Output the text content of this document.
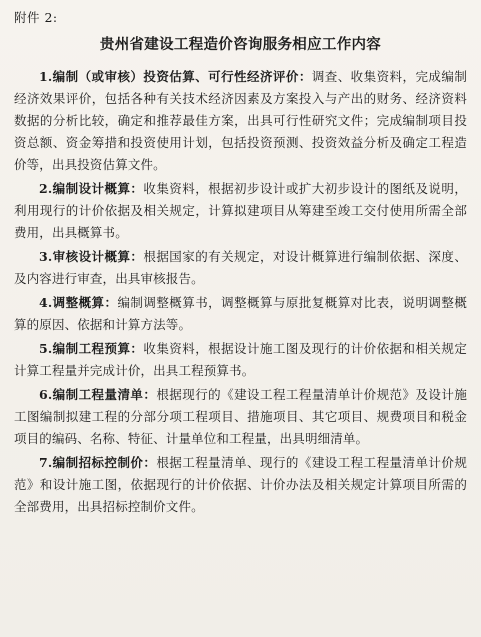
附件 2:
贵州省建设工程造价咨询服务相应工作内容

1.编制（或审核）投资估算、可行性经济评价：调查、收集资料，完成编制经济效果评价，包括各种有关技术经济因素及方案投入与产出的财务、经济资料数据的分析比较，确定和推荐最佳方案，出具可行性研究文件；完成编制项目投资总额、资金筹措和投资使用计划，包括投资预测、投资效益分析及确定工程造价等，出具投资估算文件。

2.编制设计概算：收集资料，根据初步设计或扩大初步设计的图纸及说明，利用现行的计价依据及相关规定，计算拟建项目从筹建至竣工交付使用所需全部费用，出具概算书。

3.审核设计概算：根据国家的有关规定，对设计概算进行编制依据、深度、及内容进行审查，出具审核报告。

4.调整概算：编制调整概算书，调整概算与原批复概算对比表，说明调整概算的原因、依据和计算方法等。

5.编制工程预算：收集资料，根据设计施工图及现行的计价依据和相关规定计算工程量并完成计价，出具工程预算书。

6.编制工程量清单：根据现行的《建设工程工程量清单计价规范》及设计施工图编制拟建工程的分部分项工程项目、措施项目、其它项目、规费项目和税金项目的编码、名称、特征、计量单位和工程量，出具明细清单。

7.编制招标控制价：根据工程量清单、现行的《建设工程工程量清单计价规范》和设计施工图，依据现行的计价依据、计价办法及相关规定计算项目所需的全部费用，出具招标控制价文件。
